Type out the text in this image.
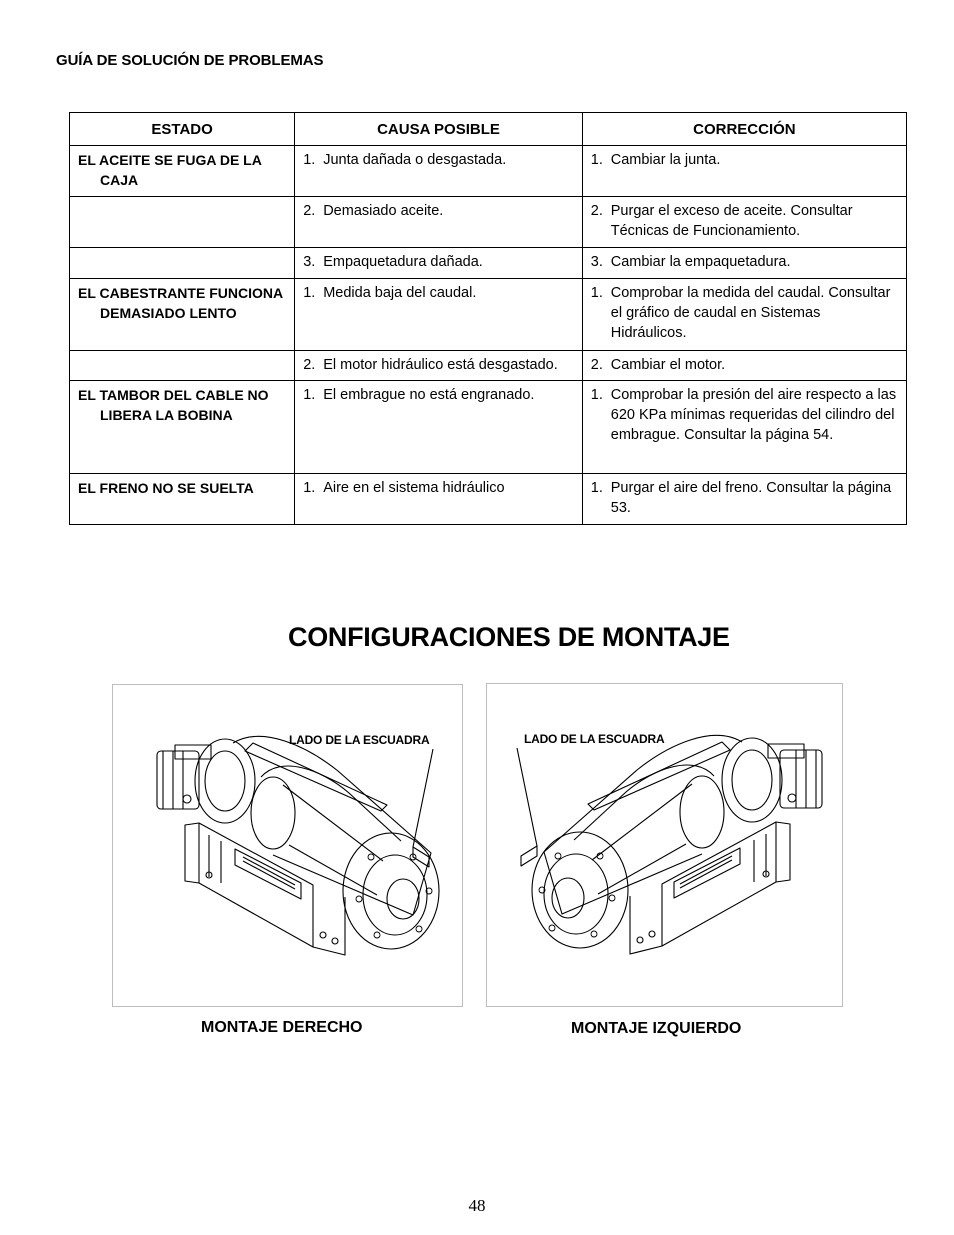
GUÍA DE SOLUCIÓN DE PROBLEMAS
ESTADO	CAUSA POSIBLE	CORRECCIÓN
EL ACEITE SE FUGA DE LA CAJA	1. Junta dañada o desgastada.	1. Cambiar la junta.

	2. Demasiado aceite.	2. Purgar el exceso de aceite. Consultar Técnicas de Funcionamiento.

	3. Empaquetadura dañada.	3. Cambiar la empaquetadura.

EL CABESTRANTE FUNCIONA DEMASIADO LENTO	1. Medida baja del caudal.	1. Comprobar la medida del caudal. Consultar el gráfico de caudal en Sistemas Hidráulicos.

	2. El motor hidráulico está desgastado.	2. Cambiar el motor.

EL TAMBOR DEL CABLE NO LIBERA LA BOBINA	1. El embrague no está engranado.	1. Comprobar la presión del aire respecto a las 620 KPa mínimas requeridas del cilindro del embrague. Consultar la página 54.

EL FRENO NO SE SUELTA	1. Aire en el sistema hidráulico	1. Purgar el aire del freno. Consultar la página 53.
CONFIGURACIONES DE MONTAJE
LADO DE LA ESCUADRA
MONTAJE DERECHO
LADO DE LA ESCUADRA
MONTAJE IZQUIERDO
48
